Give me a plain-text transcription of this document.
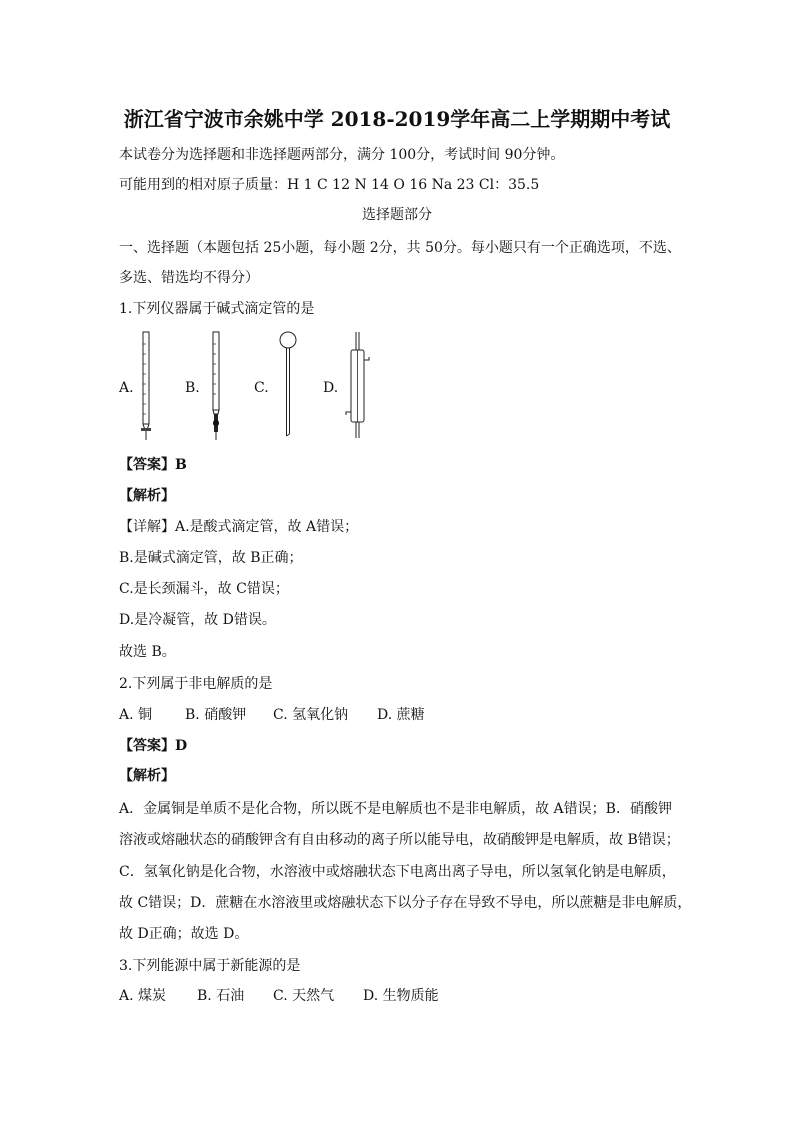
浙江省宁波市余姚中学 2018-2019学年高二上学期期中考试
本试卷分为选择题和非选择题两部分，满分 100分，考试时间 90分钟。
可能用到的相对原子质量：H 1 C 12 N 14 O 16 Na 23 Cl：35.5
选择题部分
一、选择题（本题包括 25小题，每小题 2分，共 50分。每小题只有一个正确选项，不选、
多选、错选均不得分）
1.下列仪器属于碱式滴定管的是
A.	B.	C.	D.
【答案】B
【解析】
【详解】A.是酸式滴定管，故 A错误；
B.是碱式滴定管，故 B正确；
C.是长颈漏斗，故 C错误；
D.是冷凝管，故 D错误。
故选 B。
2.下列属于非电解质的是
A. 铜 B. 硝酸钾 C. 氢氧化钠 D. 蔗糖
【答案】D
【解析】
A．金属铜是单质不是化合物，所以既不是电解质也不是非电解质，故 A错误；B．硝酸钾
溶液或熔融状态的硝酸钾含有自由移动的离子所以能导电，故硝酸钾是电解质，故 B错误；
C．氢氧化钠是化合物，水溶液中或熔融状态下电离出离子导电，所以氢氧化钠是电解质，
故 C错误；D．蔗糖在水溶液里或熔融状态下以分子存在导致不导电，所以蔗糖是非电解质，
故 D正确；故选 D。
3.下列能源中属于新能源的是
A. 煤炭 B. 石油 C. 天然气 D. 生物质能
